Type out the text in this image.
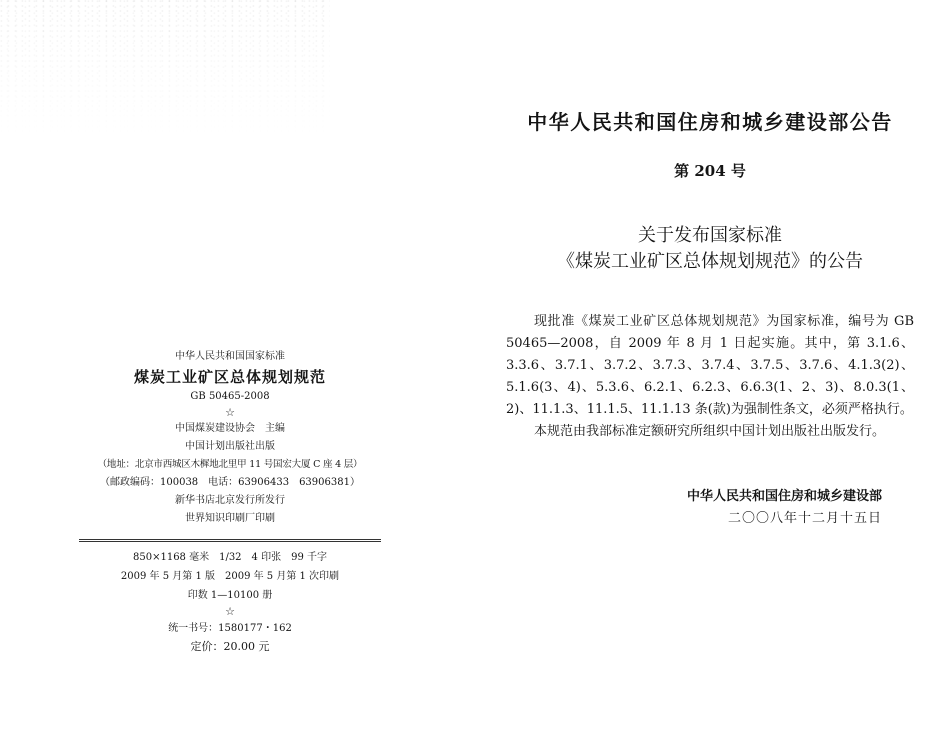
中华人民共和国国家标准
煤炭工业矿区总体规划规范
GB 50465-2008
☆
中国煤炭建设协会　主编
中国计划出版社出版
（地址：北京市西城区木樨地北里甲 11 号国宏大厦 C 座 4 层）
（邮政编码：100038　电话：63906433　63906381）
新华书店北京发行所发行
世界知识印刷厂印刷
850×1168 毫米　1/32　4 印张　99 千字
2009 年 5 月第 1 版　2009 年 5 月第 1 次印刷
印数 1—10100 册
☆
统一书号：1580177・162
定价：20.00 元
中华人民共和国住房和城乡建设部公告
第 204 号
关于发布国家标准
《煤炭工业矿区总体规划规范》的公告

现批准《煤炭工业矿区总体规划规范》为国家标准，编号为 GB 50465—2008，自 2009 年 8 月 1 日起实施。其中，第 3.1.6、3.3.6、3.7.1、3.7.2、3.7.3、3.7.4、3.7.5、3.7.6、4.1.3(2)、5.1.6(3、4)、5.3.6、6.2.1、6.2.3、6.6.3(1、2、3)、8.0.3(1、2)、11.1.3、11.1.5、11.1.13 条(款)为强制性条文，必须严格执行。

本规范由我部标准定额研究所组织中国计划出版社出版发行。

中华人民共和国住房和城乡建设部
二〇〇八年十二月十五日
